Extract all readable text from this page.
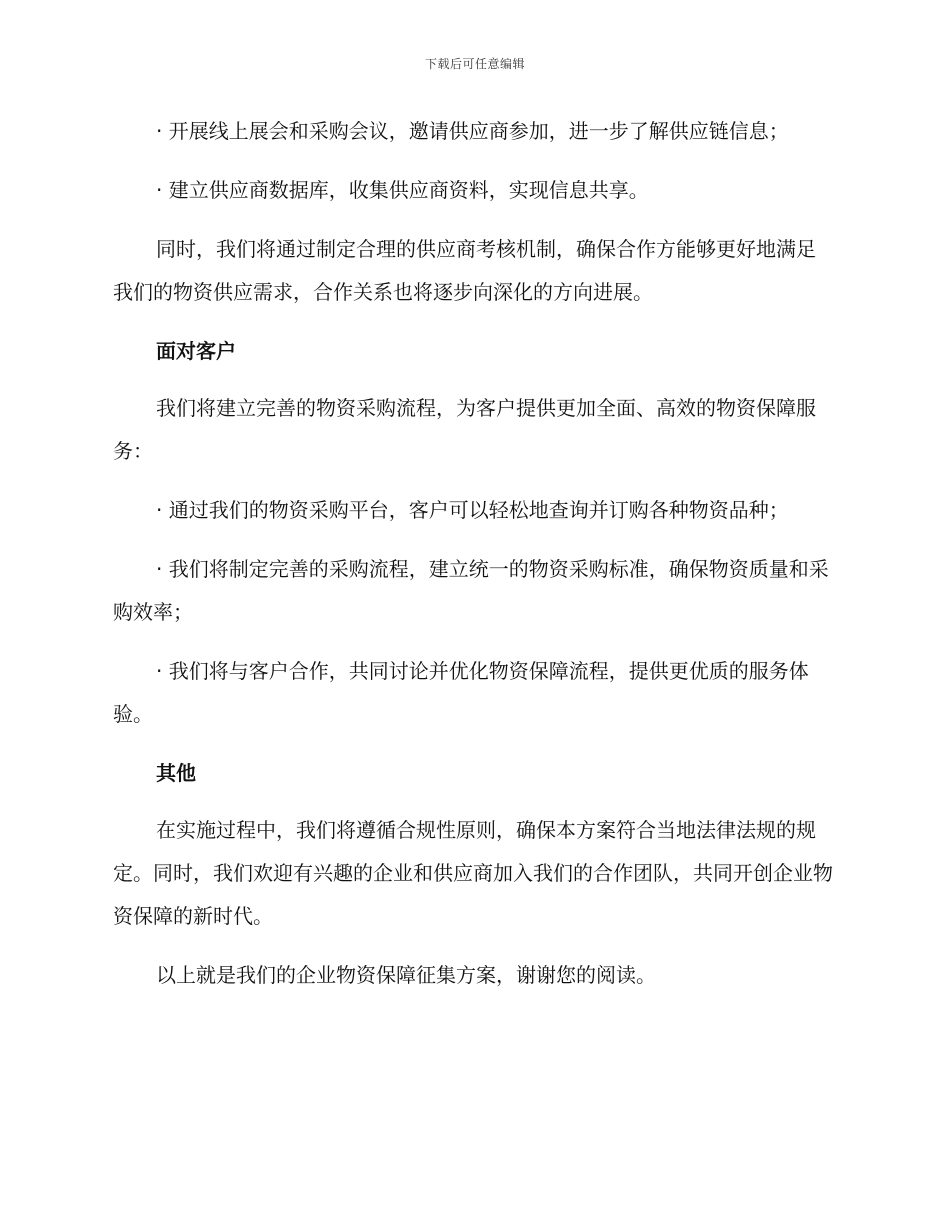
下载后可任意编辑

· 开展线上展会和采购会议，邀请供应商参加，进一步了解供应链信息；

· 建立供应商数据库，收集供应商资料，实现信息共享。

同时，我们将通过制定合理的供应商考核机制，确保合作方能够更好地满足我们的物资供应需求，合作关系也将逐步向深化的方向进展。

面对客户

我们将建立完善的物资采购流程，为客户提供更加全面、高效的物资保障服务：

· 通过我们的物资采购平台，客户可以轻松地查询并订购各种物资品种；

· 我们将制定完善的采购流程，建立统一的物资采购标准，确保物资质量和采购效率；

· 我们将与客户合作，共同讨论并优化物资保障流程，提供更优质的服务体验。

其他

在实施过程中，我们将遵循合规性原则，确保本方案符合当地法律法规的规定。同时，我们欢迎有兴趣的企业和供应商加入我们的合作团队，共同开创企业物资保障的新时代。

以上就是我们的企业物资保障征集方案，谢谢您的阅读。
